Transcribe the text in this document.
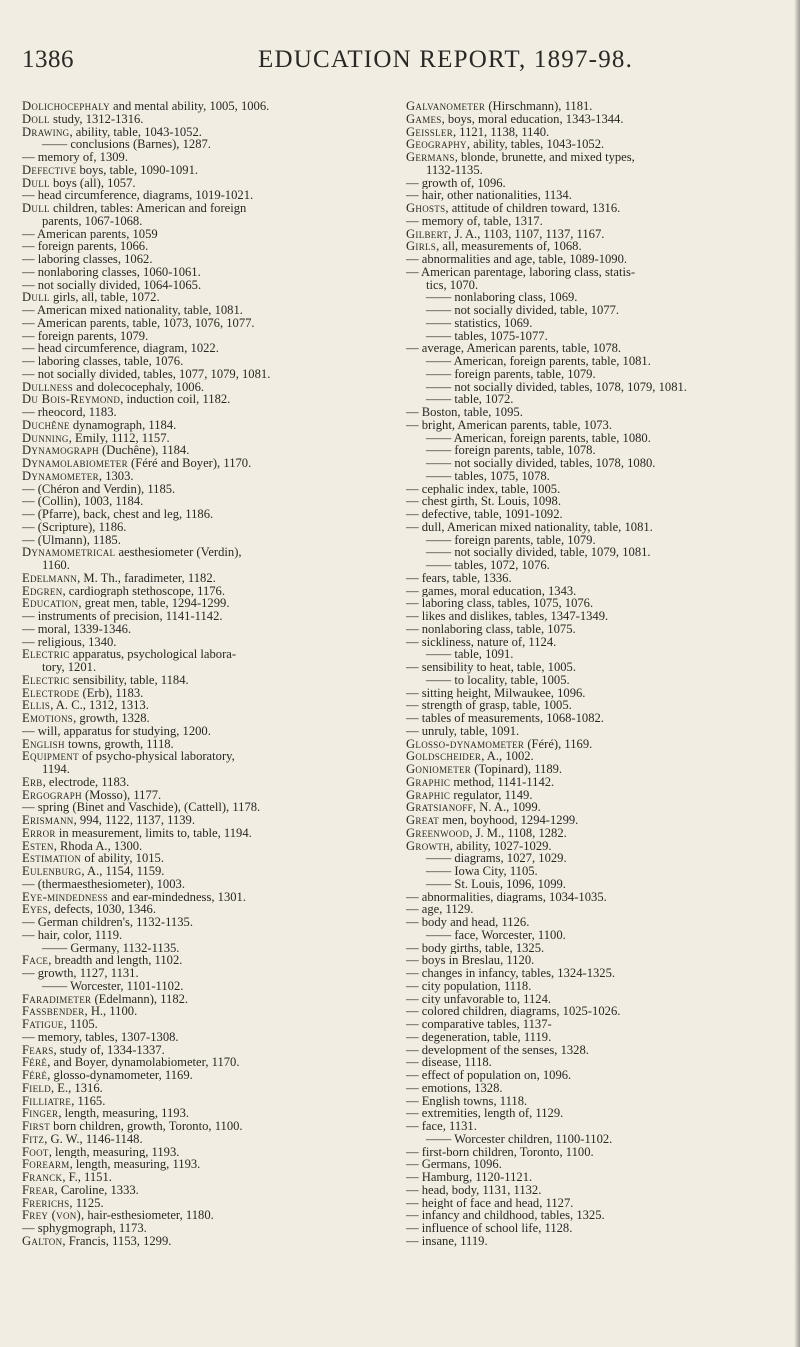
1386	EDUCATION REPORT, 1897-98.
Dolichocephaly and mental ability, 1005, 1006.
Doll study, 1312-1316.
Drawing, ability, table, 1043-1052.
—— conclusions (Barnes), 1287.
— memory of, 1309.
Defective boys, table, 1090-1091.
Dull boys (all), 1057.
— head circumference, diagrams, 1019-1021.
Dull children, tables: American and foreign
parents, 1067-1068.
— American parents, 1059
— foreign parents, 1066.
— laboring classes, 1062.
— nonlaboring classes, 1060-1061.
— not socially divided, 1064-1065.
Dull girls, all, table, 1072.
— American mixed nationality, table, 1081.
— American parents, table, 1073, 1076, 1077.
— foreign parents, 1079.
— head circumference, diagram, 1022.
— laboring classes, table, 1076.
— not socially divided, tables, 1077, 1079, 1081.
Dullness and dolecocephaly, 1006.
Du Bois-Reymond, induction coil, 1182.
— rheocord, 1183.
Duchêne dynamograph, 1184.
Dunning, Emily, 1112, 1157.
Dynamograph (Duchêne), 1184.
Dynamolabiometer (Féré and Boyer), 1170.
Dynamometer, 1303.
— (Chéron and Verdin), 1185.
— (Collin), 1003, 1184.
— (Pfarre), back, chest and leg, 1186.
— (Scripture), 1186.
— (Ulmann), 1185.
Dynamometrical aesthesiometer (Verdin),
1160.
Edelmann, M. Th., faradimeter, 1182.
Edgren, cardiograph stethoscope, 1176.
Education, great men, table, 1294-1299.
— instruments of precision, 1141-1142.
— moral, 1339-1346.
— religious, 1340.
Electric apparatus, psychological labora-
tory, 1201.
Electric sensibility, table, 1184.
Electrode (Erb), 1183.
Ellis, A. C., 1312, 1313.
Emotions, growth, 1328.
— will, apparatus for studying, 1200.
English towns, growth, 1118.
Equipment of psycho-physical laboratory,
1194.
Erb, electrode, 1183.
Ergograph (Mosso), 1177.
— spring (Binet and Vaschide), (Cattell), 1178.
Erismann, 994, 1122, 1137, 1139.
Error in measurement, limits to, table, 1194.
Esten, Rhoda A., 1300.
Estimation of ability, 1015.
Eulenburg, A., 1154, 1159.
— (thermaesthesiometer), 1003.
Eye-mindedness and ear-mindedness, 1301.
Eyes, defects, 1030, 1346.
— German children's, 1132-1135.
— hair, color, 1119.
—— Germany, 1132-1135.
Face, breadth and length, 1102.
— growth, 1127, 1131.
—— Worcester, 1101-1102.
Faradimeter (Edelmann), 1182.
Fassbender, H., 1100.
Fatigue, 1105.
— memory, tables, 1307-1308.
Fears, study of, 1334-1337.
Féré, and Boyer, dynamolabiometer, 1170.
Féré, glosso-dynamometer, 1169.
Field, E., 1316.
Filliatre, 1165.
Finger, length, measuring, 1193.
First born children, growth, Toronto, 1100.
Fitz, G. W., 1146-1148.
Foot, length, measuring, 1193.
Forearm, length, measuring, 1193.
Franck, F., 1151.
Frear, Caroline, 1333.
Frerichs, 1125.
Frey (von), hair-esthesiometer, 1180.
— sphygmograph, 1173.
Galton, Francis, 1153, 1299.
Galvanometer (Hirschmann), 1181.
Games, boys, moral education, 1343-1344.
Geissler, 1121, 1138, 1140.
Geography, ability, tables, 1043-1052.
Germans, blonde, brunette, and mixed types,
1132-1135.
— growth of, 1096.
— hair, other nationalities, 1134.
Ghosts, attitude of children toward, 1316.
— memory of, table, 1317.
Gilbert, J. A., 1103, 1107, 1137, 1167.
Girls, all, measurements of, 1068.
— abnormalities and age, table, 1089-1090.
— American parentage, laboring class, statis-
tics, 1070.
—— nonlaboring class, 1069.
—— not socially divided, table, 1077.
—— statistics, 1069.
—— tables, 1075-1077.
— average, American parents, table, 1078.
—— American, foreign parents, table, 1081.
—— foreign parents, table, 1079.
—— not socially divided, tables, 1078, 1079, 1081.
—— table, 1072.
— Boston, table, 1095.
— bright, American parents, table, 1073.
—— American, foreign parents, table, 1080.
—— foreign parents, table, 1078.
—— not socially divided, tables, 1078, 1080.
—— tables, 1075, 1078.
— cephalic index, table, 1005.
— chest girth, St. Louis, 1098.
— defective, table, 1091-1092.
— dull, American mixed nationality, table, 1081.
—— foreign parents, table, 1079.
—— not socially divided, table, 1079, 1081.
—— tables, 1072, 1076.
— fears, table, 1336.
— games, moral education, 1343.
— laboring class, tables, 1075, 1076.
— likes and dislikes, tables, 1347-1349.
— nonlaboring class, table, 1075.
— sickliness, nature of, 1124.
—— table, 1091.
— sensibility to heat, table, 1005.
—— to locality, table, 1005.
— sitting height, Milwaukee, 1096.
— strength of grasp, table, 1005.
— tables of measurements, 1068-1082.
— unruly, table, 1091.
Glosso-dynamometer (Féré), 1169.
Goldscheider, A., 1002.
Goniometer (Topinard), 1189.
Graphic method, 1141-1142.
Graphic regulator, 1149.
Gratsianoff, N. A., 1099.
Great men, boyhood, 1294-1299.
Greenwood, J. M., 1108, 1282.
Growth, ability, 1027-1029.
—— diagrams, 1027, 1029.
—— Iowa City, 1105.
—— St. Louis, 1096, 1099.
— abnormalities, diagrams, 1034-1035.
— age, 1129.
— body and head, 1126.
—— face, Worcester, 1100.
— body girths, table, 1325.
— boys in Breslau, 1120.
— changes in infancy, tables, 1324-1325.
— city population, 1118.
— city unfavorable to, 1124.
— colored children, diagrams, 1025-1026.
— comparative tables, 1137-
— degeneration, table, 1119.
— development of the senses, 1328.
— disease, 1118.
— effect of population on, 1096.
— emotions, 1328.
— English towns, 1118.
— extremities, length of, 1129.
— face, 1131.
—— Worcester children, 1100-1102.
— first-born children, Toronto, 1100.
— Germans, 1096.
— Hamburg, 1120-1121.
— head, body, 1131, 1132.
— height of face and head, 1127.
— infancy and childhood, tables, 1325.
— influence of school life, 1128.
— insane, 1119.
